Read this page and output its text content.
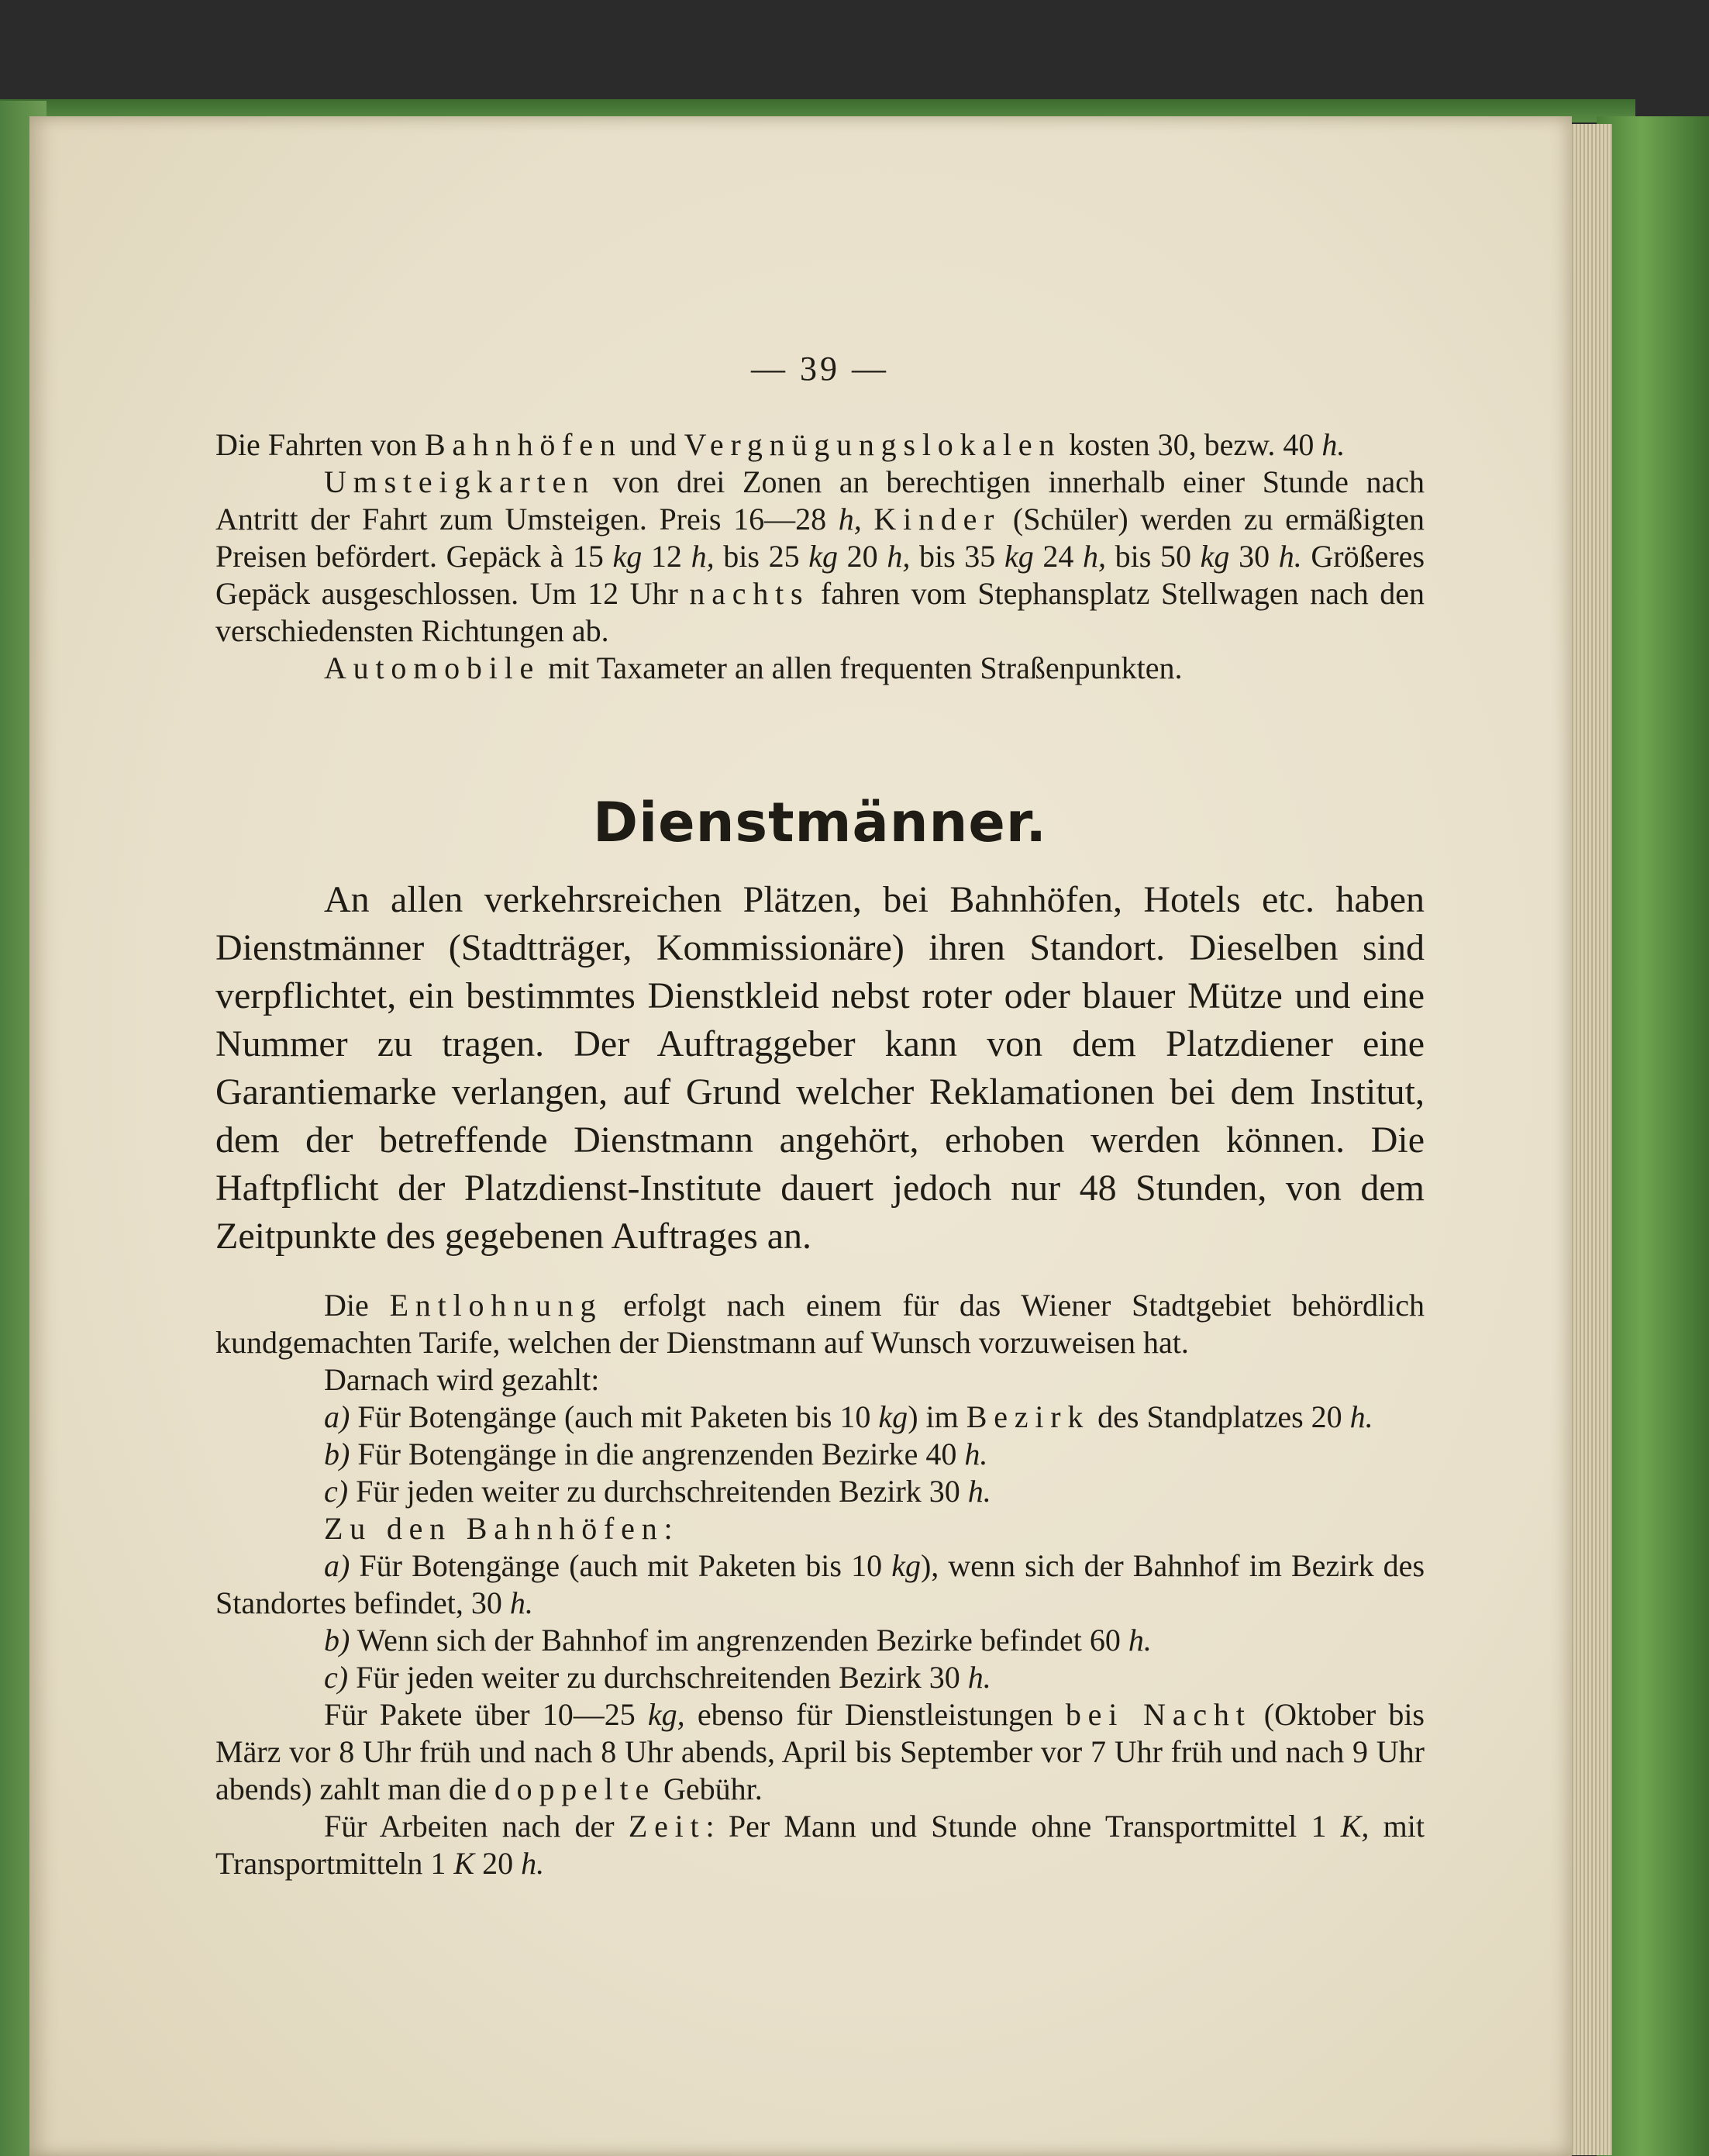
— 39 —

Die Fahrten von Bahnhöfen und Vergnügungslokalen kosten 30, bezw. 40 h.

Umsteigkarten von drei Zonen an berechtigen innerhalb einer Stunde nach Antritt der Fahrt zum Umsteigen. Preis 16—28 h, Kinder (Schüler) werden zu ermäßigten Preisen befördert. Gepäck à 15 kg 12 h, bis 25 kg 20 h, bis 35 kg 24 h, bis 50 kg 30 h. Größeres Gepäck ausgeschlossen. Um 12 Uhr nachts fahren vom Stephansplatz Stellwagen nach den verschiedensten Richtungen ab.

Automobile mit Taxameter an allen frequenten Straßenpunkten.

Dienstmänner.

An allen verkehrsreichen Plätzen, bei Bahnhöfen, Hotels etc. haben Dienstmänner (Stadtträger, Kommissionäre) ihren Standort. Dieselben sind verpflichtet, ein bestimmtes Dienstkleid nebst roter oder blauer Mütze und eine Nummer zu tragen. Der Auftraggeber kann von dem Platzdiener eine Garantiemarke verlangen, auf Grund welcher Reklamationen bei dem Institut, dem der betreffende Dienstmann angehört, erhoben werden können. Die Haftpflicht der Platzdienst-Institute dauert jedoch nur 48 Stunden, von dem Zeitpunkte des gegebenen Auftrages an.

Die Entlohnung erfolgt nach einem für das Wiener Stadtgebiet behördlich kundgemachten Tarife, welchen der Dienstmann auf Wunsch vorzuweisen hat.

Darnach wird gezahlt:

a) Für Botengänge (auch mit Paketen bis 10 kg) im Bezirk des Standplatzes 20 h.

b) Für Botengänge in die angrenzenden Bezirke 40 h.

c) Für jeden weiter zu durchschreitenden Bezirk 30 h.

Zu den Bahnhöfen:

a) Für Botengänge (auch mit Paketen bis 10 kg), wenn sich der Bahnhof im Bezirk des Standortes befindet, 30 h.

b) Wenn sich der Bahnhof im angrenzenden Bezirke befindet 60 h.

c) Für jeden weiter zu durchschreitenden Bezirk 30 h.

Für Pakete über 10—25 kg, ebenso für Dienstleistungen bei Nacht (Oktober bis März vor 8 Uhr früh und nach 8 Uhr abends, April bis September vor 7 Uhr früh und nach 9 Uhr abends) zahlt man die doppelte Gebühr.

Für Arbeiten nach der Zeit: Per Mann und Stunde ohne Transportmittel 1 K, mit Transportmitteln 1 K 20 h.
